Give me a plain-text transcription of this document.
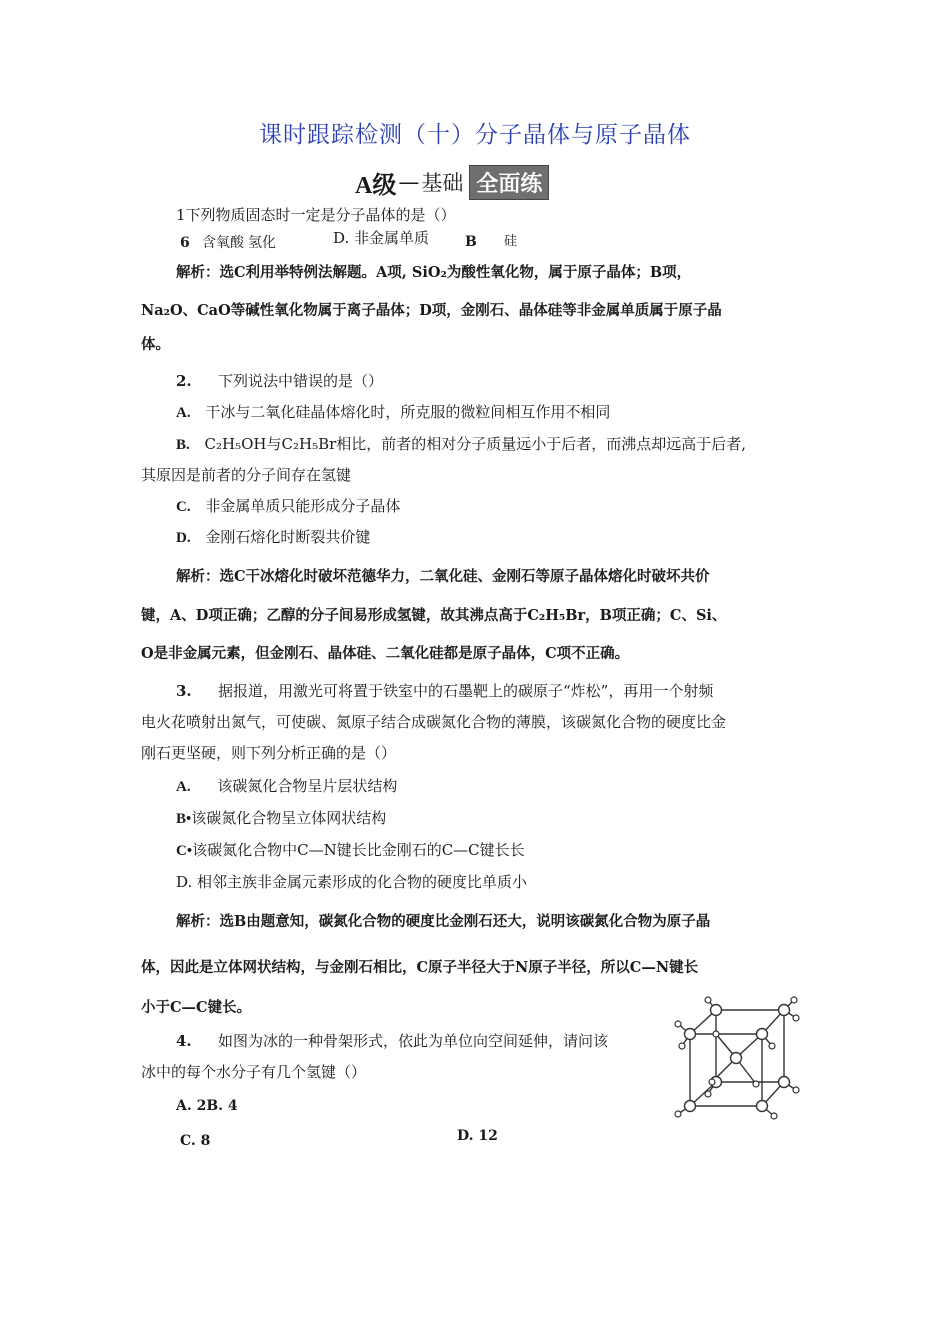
课时跟踪检测（十）分子晶体与原子晶体
A级 — 基础 全面练
1下列物质固态时一定是分子晶体的是（）
6 含氧酸 氢化	D. 非金属单质	B 硅
解析：选C利用举特例法解题。A项, SiO₂为酸性氧化物，属于原子晶体；B项，
Na₂O、CaO等碱性氧化物属于离子晶体；D项，金刚石、晶体硅等非金属单质属于原子晶
体。
2. 下列说法中错误的是（）
A. 干冰与二氧化硅晶体熔化时，所克服的微粒间相互作用不相同
B. C₂H₅OH与C₂H₅Br相比，前者的相对分子质量远小于后者，而沸点却远高于后者,
其原因是前者的分子间存在氢键
C. 非金属单质只能形成分子晶体
D. 金刚石熔化时断裂共价键
解析：选C干冰熔化时破坏范德华力，二氧化硅、金刚石等原子晶体熔化时破坏共价
键，A、D项正确；乙醇的分子间易形成氢键，故其沸点高于C₂H₅Br，B项正确；C、Si、
O是非金属元素，但金刚石、晶体硅、二氧化硅都是原子晶体，C项不正确。
3. 据报道，用激光可将置于铁室中的石墨靶上的碳原子“炸松”，再用一个射频
电火花喷射出氮气，可使碳、氮原子结合成碳氮化合物的薄膜，该碳氮化合物的硬度比金
刚石更坚硬，则下列分析正确的是（）
A. 该碳氮化合物呈片层状结构
B•该碳氮化合物呈立体网状结构
C•该碳氮化合物中C—N键长比金刚石的C—C键长长
D. 相邻主族非金属元素形成的化合物的硬度比单质小
解析：选B由题意知，碳氮化合物的硬度比金刚石还大，说明该碳氮化合物为原子晶
体，因此是立体网状结构，与金刚石相比，C原子半径大于N原子半径，所以C—N键长
小于C—C键长。
4. 如图为冰的一种骨架形式，依此为单位向空间延伸，请问该
冰中的每个水分子有几个氢键（）
A. 2B. 4
C. 8	D. 12
